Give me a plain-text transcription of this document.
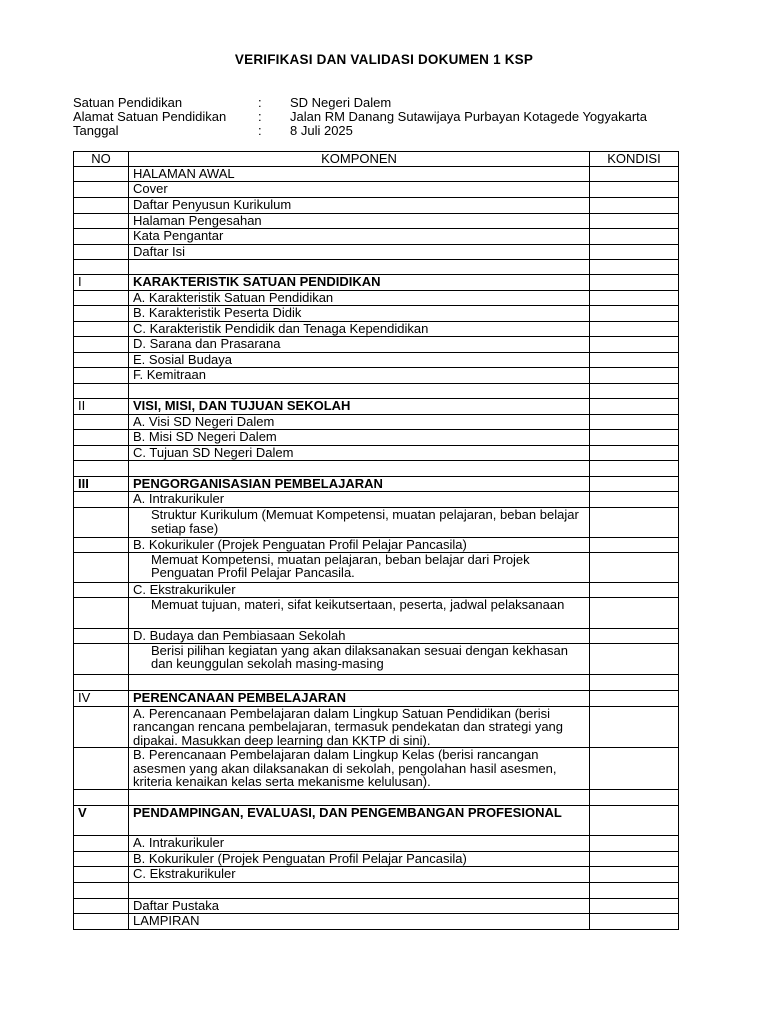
VERIFIKASI DAN VALIDASI DOKUMEN 1 KSP
Satuan Pendidikan	: SD Negeri Dalem
Alamat Satuan Pendidikan : Jalan RM Danang Sutawijaya Purbayan Kotagede Yogyakarta
Tanggal	: 8 Juli 2025
NO	KOMPONEN	KONDISI
	HALAMAN AWAL	
	Cover	
	Daftar Penyusun Kurikulum	
	Halaman Pengesahan	
	Kata Pengantar	
	Daftar Isi	

I	KARAKTERISTIK SATUAN PENDIDIKAN	
	A. Karakteristik Satuan Pendidikan	
	B. Karakteristik Peserta Didik	
	C. Karakteristik Pendidik dan Tenaga Kependidikan	
	D. Sarana dan Prasarana	
	E. Sosial Budaya	
	F. Kemitraan	

II	VISI, MISI, DAN TUJUAN SEKOLAH	
	A. Visi SD Negeri Dalem	
	B. Misi SD Negeri Dalem	
	C. Tujuan SD Negeri Dalem	

III	PENGORGANISASIAN PEMBELAJARAN	
	A. Intrakurikuler	
	Struktur Kurikulum (Memuat Kompetensi, muatan pelajaran, beban belajar setiap fase)	
	B. Kokurikuler (Projek Penguatan Profil Pelajar Pancasila)	
	Memuat Kompetensi, muatan pelajaran, beban belajar dari Projek Penguatan Profil Pelajar Pancasila.	
	C. Ekstrakurikuler	
	Memuat tujuan, materi, sifat keikutsertaan, peserta, jadwal pelaksanaan	
	D. Budaya dan Pembiasaan Sekolah	
	Berisi pilihan kegiatan yang akan dilaksanakan sesuai dengan kekhasan dan keunggulan sekolah masing-masing	

IV	PERENCANAAN PEMBELAJARAN	
	A. Perencanaan Pembelajaran dalam Lingkup Satuan Pendidikan (berisi rancangan rencana pembelajaran, termasuk pendekatan dan strategi yang dipakai. Masukkan deep learning dan KKTP di sini).	
	B. Perencanaan Pembelajaran dalam Lingkup Kelas (berisi rancangan asesmen yang akan dilaksanakan di sekolah, pengolahan hasil asesmen, kriteria kenaikan kelas serta mekanisme kelulusan).	

V	PENDAMPINGAN, EVALUASI, DAN PENGEMBANGAN PROFESIONAL	
	A. Intrakurikuler	
	B. Kokurikuler (Projek Penguatan Profil Pelajar Pancasila)	
	C. Ekstrakurikuler	

	Daftar Pustaka	
	LAMPIRAN	
